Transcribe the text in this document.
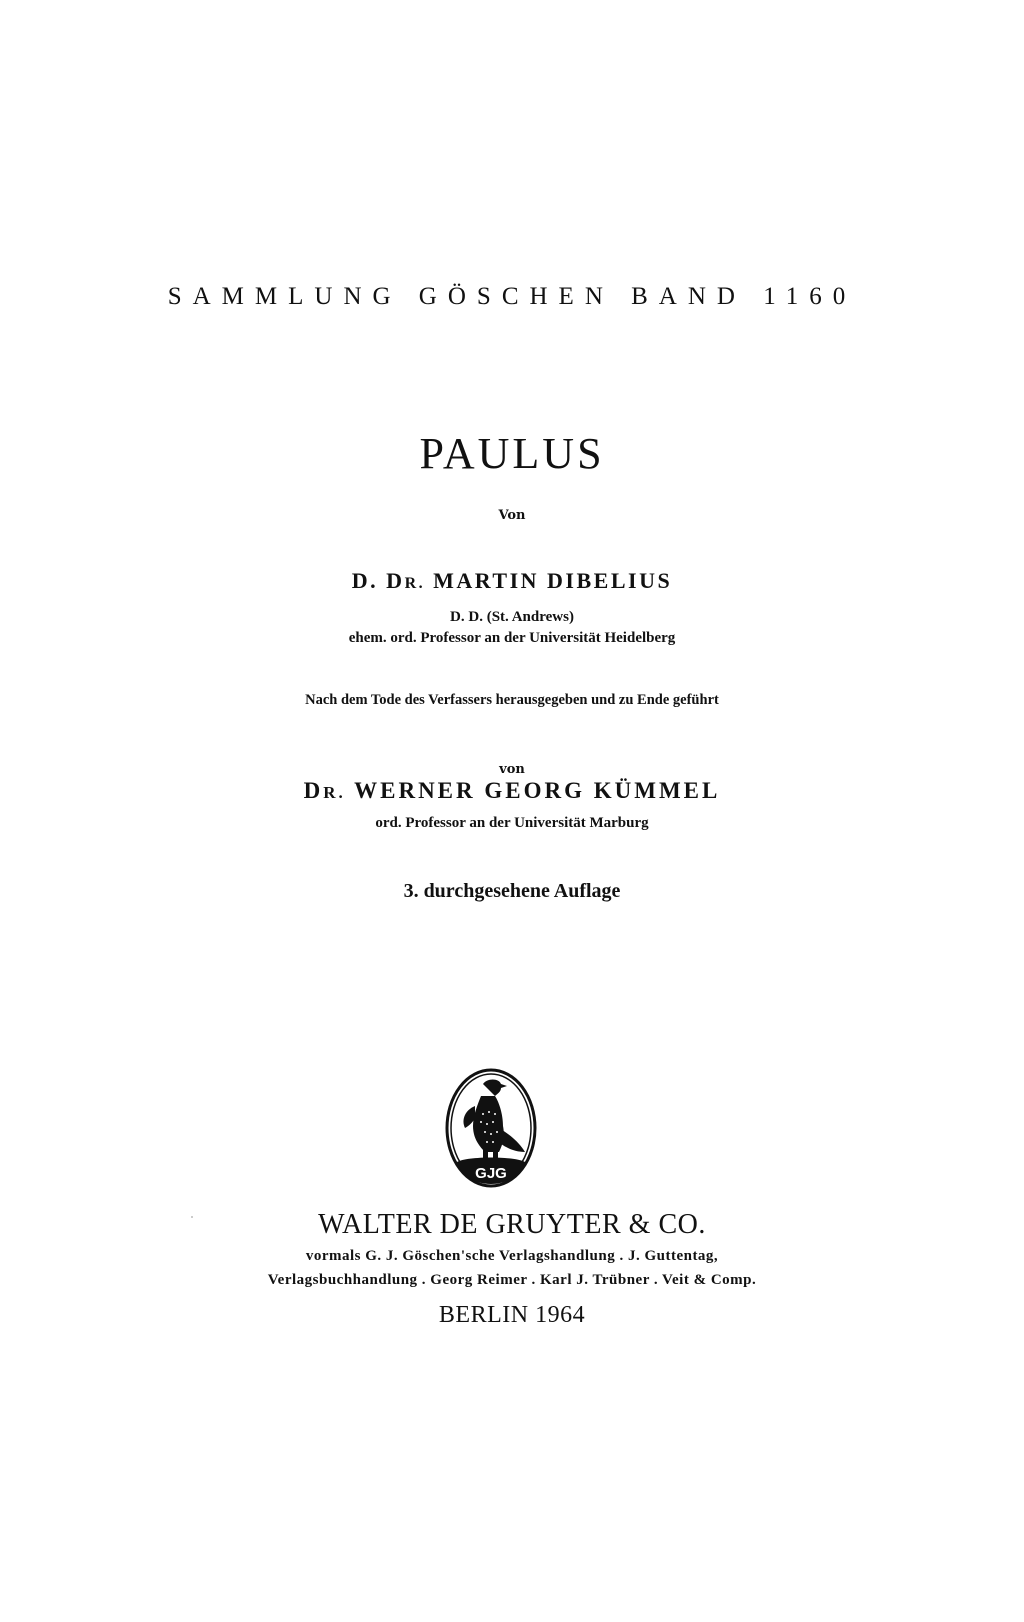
SAMMLUNG GÖSCHEN BAND 1160
PAULUS
Von
D. DR. MARTIN DIBELIUS
D. D. (St. Andrews)
ehem. ord. Professor an der Universität Heidelberg
Nach dem Tode des Verfassers herausgegeben und zu Ende geführt
von
DR. WERNER GEORG KÜMMEL
ord. Professor an der Universität Marburg
3. durchgesehene Auflage
GJG
WALTER DE GRUYTER & CO.
vormals G. J. Göschen'sche Verlagshandlung . J. Guttentag,
Verlagsbuchhandlung . Georg Reimer . Karl J. Trübner . Veit & Comp.
BERLIN 1964
